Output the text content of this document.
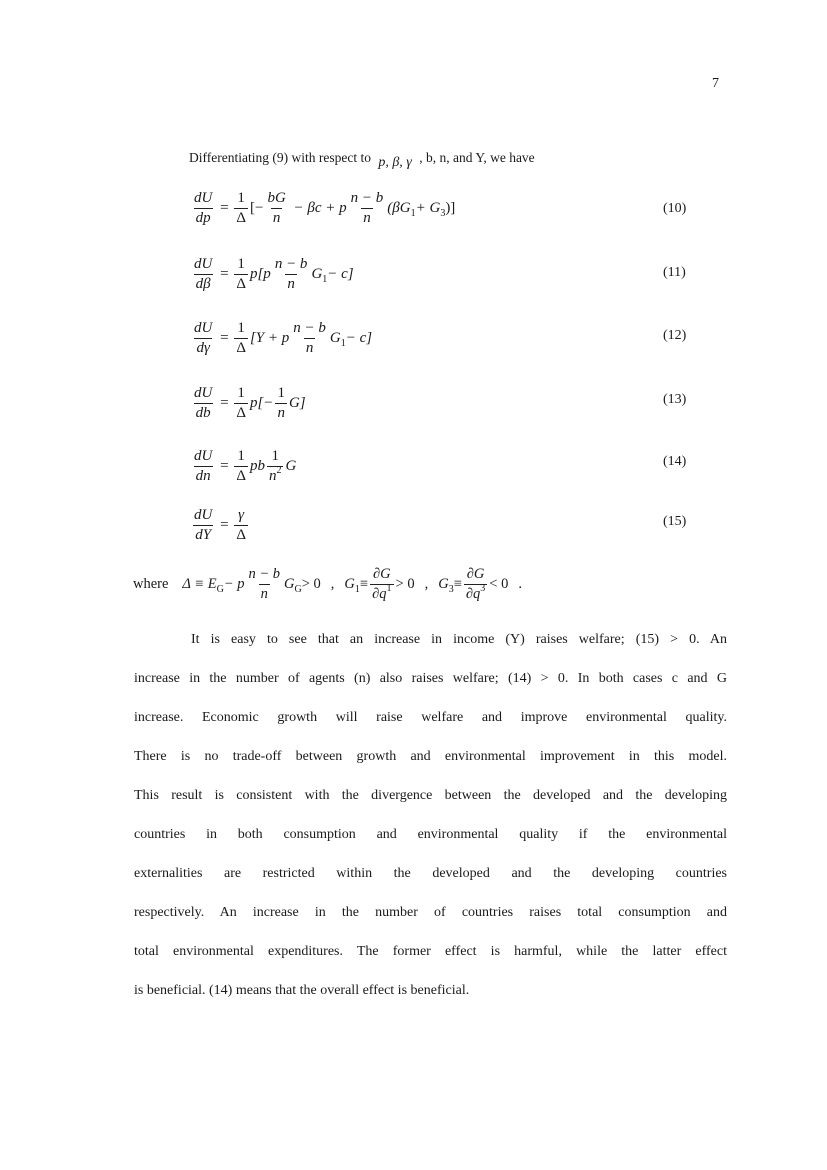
7
Differentiating (9) with respect to p, β, γ , b, n, and Y, we have
$\frac{dU}{dp} = \frac{1}{\Delta}$ [− $\frac{bG}{n}$
− βc + p $\frac{n - b}{n} (\beta G$ 1 + G 3 )]	(10)
$\frac{dU}{d\beta} = \frac{1}{\Delta} p[p \frac{n - b}{n}$ G 1 − c]	(11)
$\frac{dU}{d\gamma} = \frac{1}{\Delta} [Y + p \frac{n - b}{n}$ G 1 − c]	(12)
$\frac{dU}{db} = \frac{1}{\Delta} p[- \frac{1}{n} G]$	(13)
$\frac{dU}{dn} = \frac{1}{\Delta}$ pb $\frac{1}{n^2}$ G	(14)
$\frac{dU}{dY} = \frac{\gamma}{\Delta}$	(15)
where Δ ≡ E G − p $\frac{n - b}{n}$ G G > 0 , G $1 \equiv \frac{\partial G}{\partial q^1} > 0$ , G $3 \equiv \frac{\partial G}{\partial q^3} < 0$ .
It is easy to see that an increase in income (Y) raises welfare; (15) > 0. An
increase in the number of agents (n) also raises welfare; (14) > 0. In both cases c and G
increase. Economic growth will raise welfare and improve environmental quality.
There is no trade-off between growth and environmental improvement in this model.
This result is consistent with the divergence between the developed and the developing
countries in both consumption and environmental quality if the environmental
externalities are restricted within the developed and the developing countries
respectively. An increase in the number of countries raises total consumption and
total environmental expenditures. The former effect is harmful, while the latter effect
is beneficial. (14) means that the overall effect is beneficial.
